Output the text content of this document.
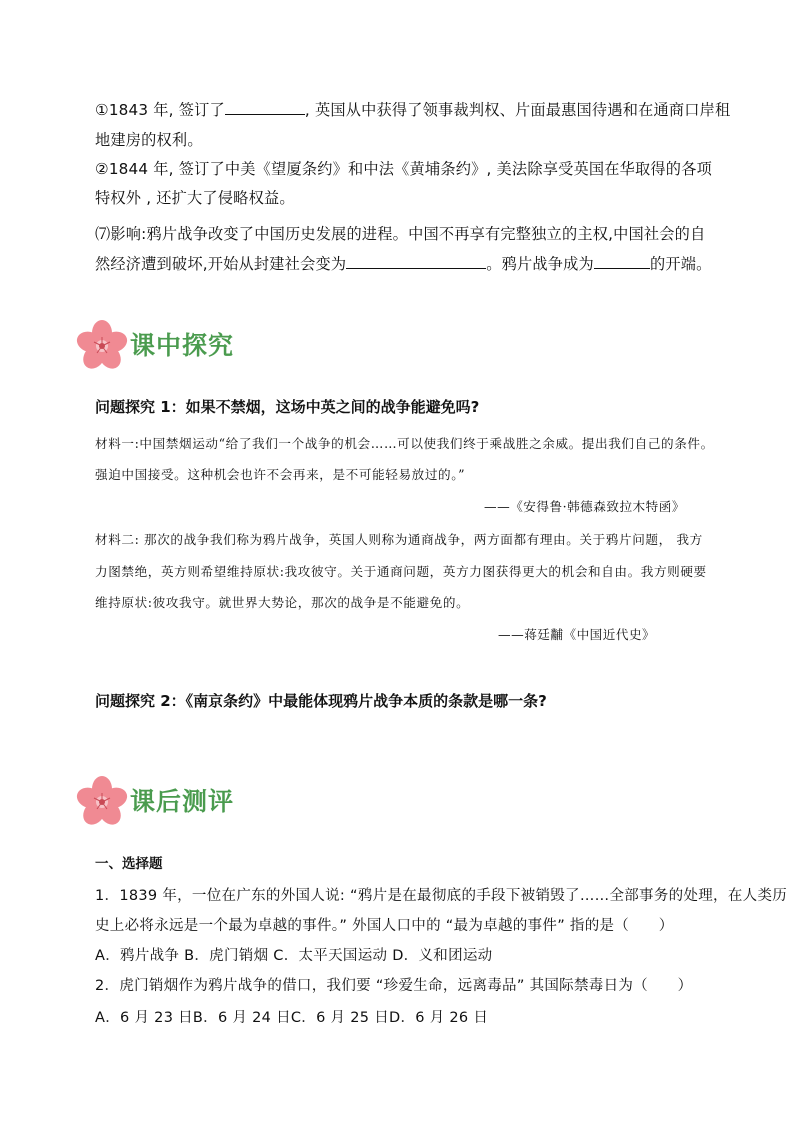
①1843 年, 签订了	, 英国从中获得了领事裁判权、片面最惠国待遇和在通商口岸租
地建房的权利。
②1844 年, 签订了中美《望厦条约》和中法《黄埔条约》, 美法除享受英国在华取得的各项
特权外 , 还扩大了侵略权益。
⑺影响:鸦片战争改变了中国历史发展的进程。中国不再享有完整独立的主权,中国社会的自
然经济遭到破坏,开始从封建社会变为	。鸦片战争成为	的开端。
课中探究
问题探究 1：如果不禁烟，这场中英之间的战争能避免吗?
材料一:中国禁烟运动“给了我们一个战争的机会……可以使我们终于乘战胜之余威。提出我们自己的条件。
强迫中国接受。这种机会也许不会再来，是不可能轻易放过的。”
——《安得鲁·韩德森致拉木特函》
材料二: 那次的战争我们称为鸦片战争，英国人则称为通商战争，两方面都有理由。关于鸦片问题， 我方
力图禁绝，英方则希望维持原状:我攻彼守。关于通商问题，英方力图获得更大的机会和自由。我方则硬要
维持原状:彼攻我守。就世界大势论，那次的战争是不能避免的。
——蒋廷黼《中国近代史》
问题探究 2：《南京条约》中最能体现鸦片战争本质的条款是哪一条?
课后测评
一、选择题
1．1839 年，一位在广东的外国人说: “鸦片是在最彻底的手段下被销毁了……全部事务的处理，在人类历
史上必将永远是一个最为卓越的事件。” 外国人口中的 “最为卓越的事件” 指的是（　　）
A．鸦片战争 B．虎门销烟 C．太平天国运动 D．义和团运动
2．虎门销烟作为鸦片战争的借口，我们要 “珍爱生命，远离毒品” 其国际禁毒日为（　　）
A．6 月 23 日B．6 月 24 日C．6 月 25 日D．6 月 26 日
